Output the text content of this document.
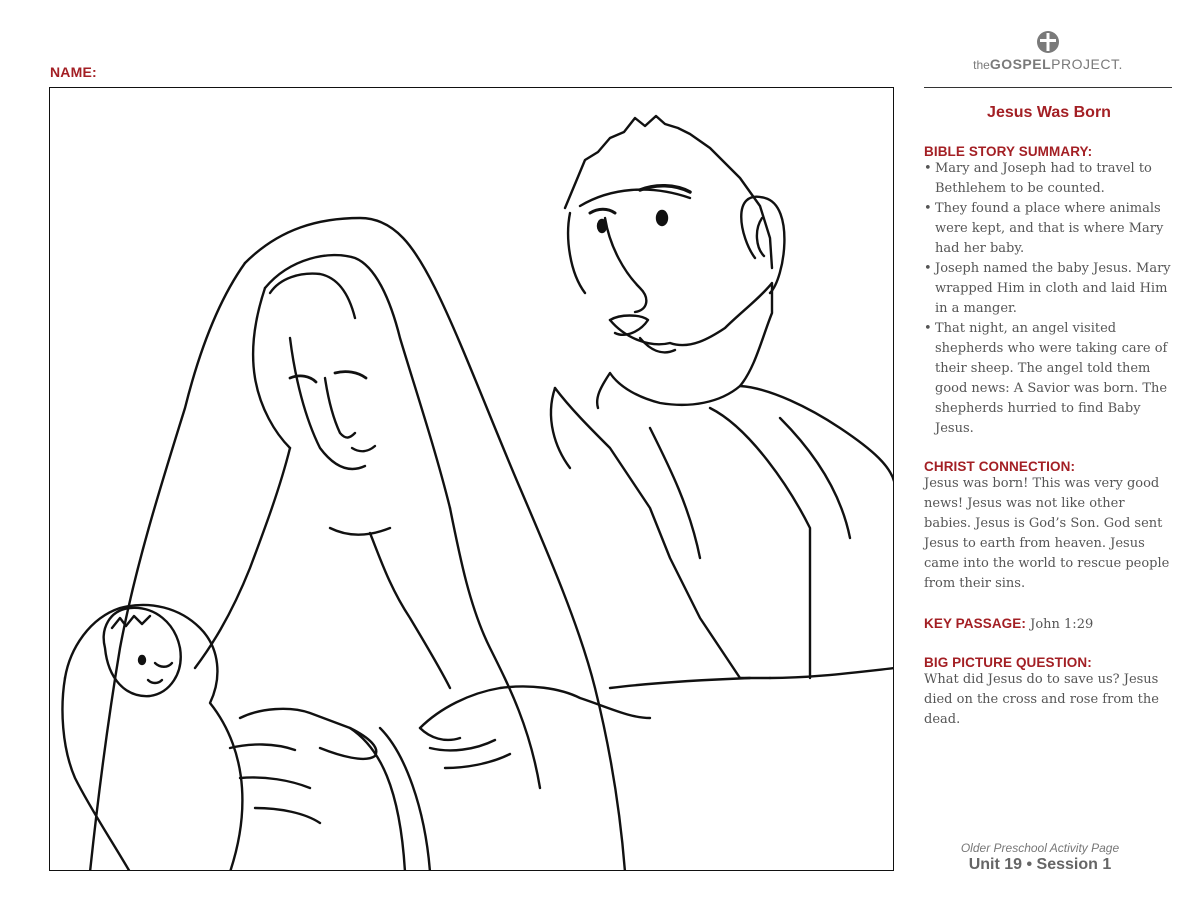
NAME:	theGOSPELPROJECT.
Jesus Was Born
BIBLE STORY SUMMARY:
• Mary and Joseph had to travel to Bethlehem to be counted.
• They found a place where animals were kept, and that is where Mary had her baby.
• Joseph named the baby Jesus. Mary wrapped Him in cloth and laid Him in a manger.
• That night, an angel visited shepherds who were taking care of their sheep. The angel told them good news: A Savior was born. The shepherds hurried to find Baby Jesus.
CHRIST CONNECTION:

Jesus was born! This was very good news! Jesus was not like other babies. Jesus is God’s Son. God sent Jesus to earth from heaven. Jesus came into the world to rescue people from their sins.

KEY PASSAGE: John 1:29
BIG PICTURE QUESTION:

What did Jesus do to save us? Jesus died on the cross and rose from the dead.

Older Preschool Activity Page
Unit 19 • Session 1
